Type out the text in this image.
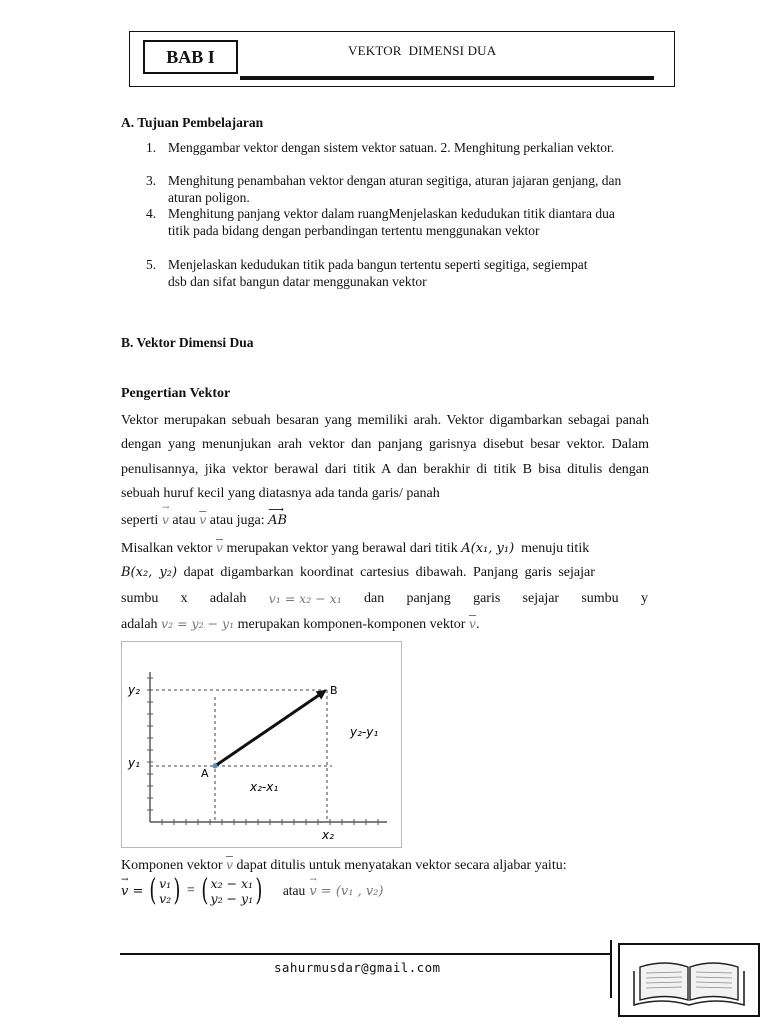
BAB I	VEKTOR  DIMENSI DUA
A. Tujuan Pembelajaran
1. Menggambar vektor dengan sistem vektor satuan. 2. Menghitung perkalian vektor.
3. Menghitung penambahan vektor dengan aturan segitiga, aturan jajaran genjang, dan aturan poligon.
4. Menghitung panjang vektor dalam ruangMenjelaskan kedudukan titik diantara dua titik pada bidang dengan perbandingan tertentu menggunakan vektor
5. Menjelaskan kedudukan titik pada bangun tertentu seperti segitiga, segiempat dsb dan sifat bangun datar menggunakan vektor
B. Vektor Dimensi Dua
Pengertian Vektor
Vektor merupakan sebuah besaran yang memiliki arah. Vektor digambarkan sebagai panah dengan yang menunjukan arah vektor dan panjang garisnya disebut besar vektor. Dalam penulisannya, jika vektor berawal dari titik A dan berakhir di titik B bisa ditulis dengan sebuah huruf kecil yang diatasnya ada tanda garis/ panah
seperti
→
v atau $\overline{v}$ atau juga:
⟶
AB
Misalkan vektor $\overline{v}$ merupakan vektor yang berawal dari titik A(x₁, y₁)  menuju titik
B(x₂, y₂) dapat digambarkan koordinat cartesius dibawah. Panjang garis sejajar
sumbu x adalah v₁ = x₂ − x₁ dan panjang garis sejajar sumbu y
adalah v₂ = y₂ − y₁ merupakan komponen-komponen vektor $\overline{v}$.
y₂
y₁
A
B
x₂
x₂-x₁
y₂-y₁
Komponen vektor $\overline{v}$ dapat ditulis untuk menyatakan vektor secara aljabar yaitu:
→
v = ( v₁
v₂ ) = ( x₂ − x₁
y₂ − y₁ ) atau
→
v = (v₁ , v₂)
sahurmusdar@gmail.com
